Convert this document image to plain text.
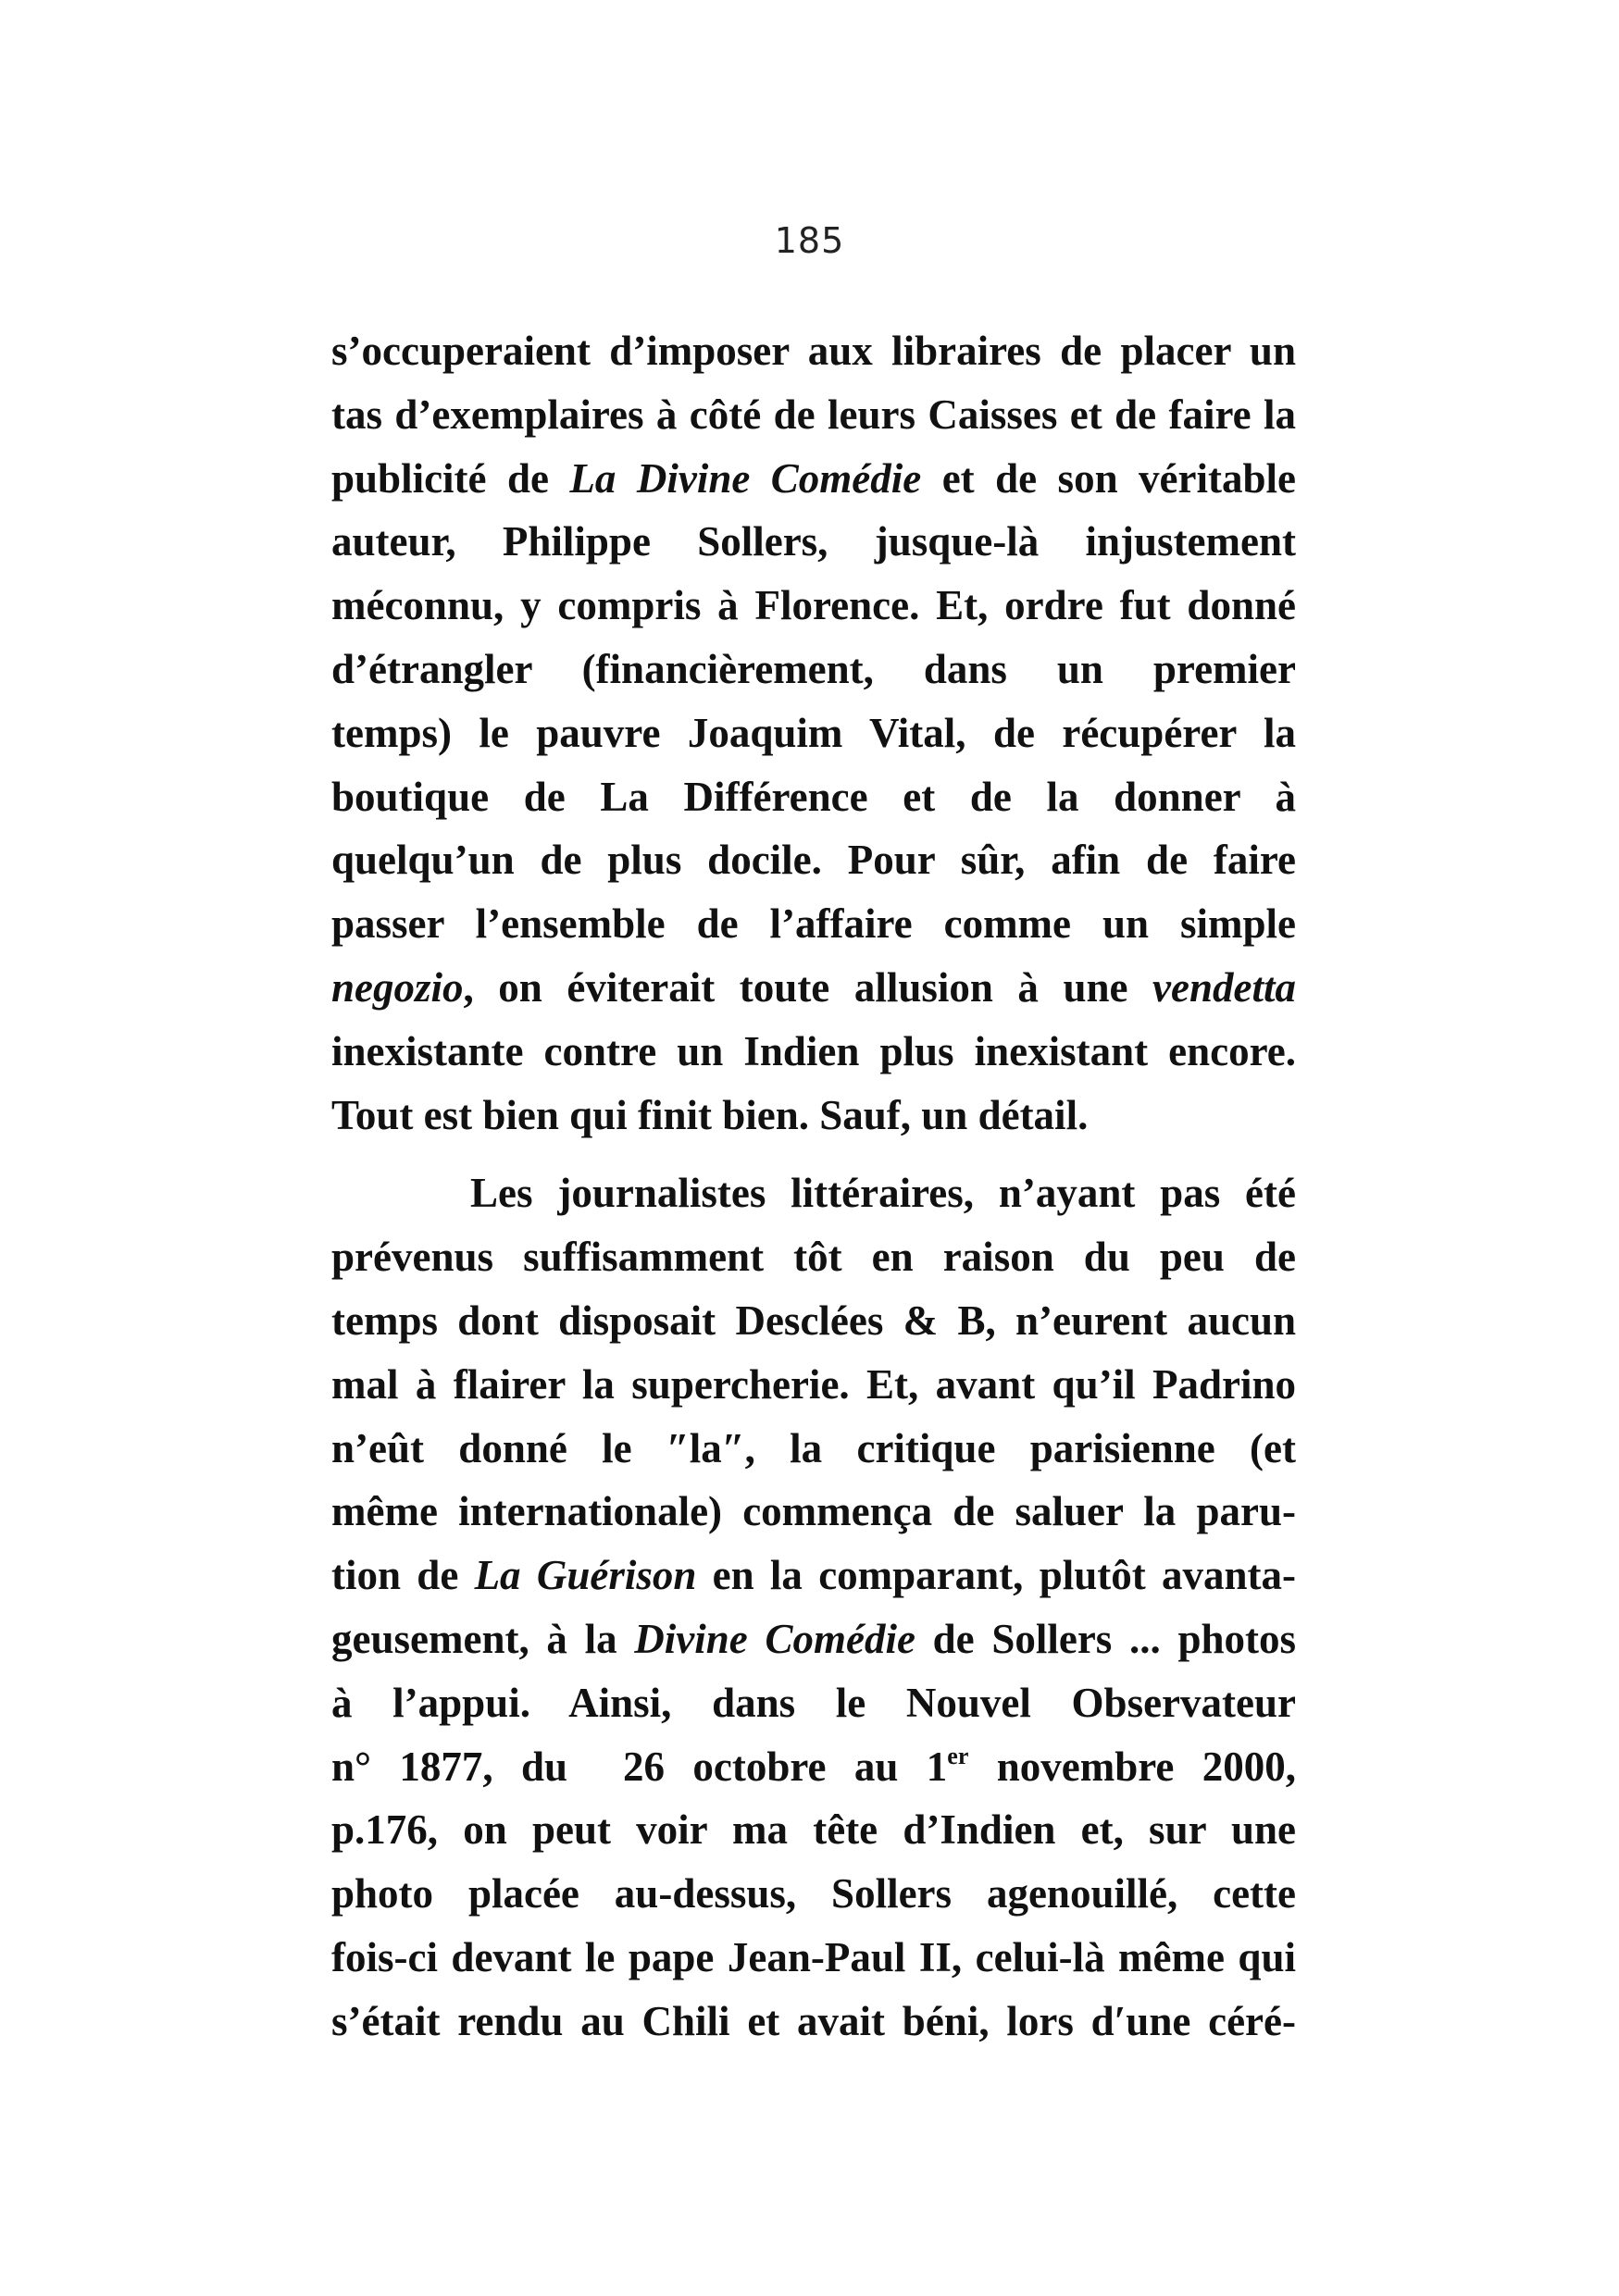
185

s’occuperaient d’imposer aux libraires de placer un
tas d’exemplaires à côté de leurs Caisses et de faire la
publicité de La Divine Comédie et de son véritable
auteur, Philippe Sollers, jusque-là injustement
méconnu, y compris à Florence. Et, ordre fut donné
d’étrangler (financièrement, dans un premier
temps) le pauvre Joaquim Vital, de récupérer la
boutique de La Différence et de la donner à
quelqu’un de plus docile. Pour sûr, afin de faire
passer l’ensemble de l’affaire comme un simple
negozio, on éviterait toute allusion à une vendetta
inexistante contre un Indien plus inexistant encore.
Tout est bien qui finit bien. Sauf, un détail.

Les journalistes littéraires, n’ayant pas été
prévenus suffisamment tôt en raison du peu de
temps dont disposait Desclées & B, n’eurent aucun
mal à flairer la supercherie. Et, avant qu’il Padrino
n’eût donné le ″la″, la critique parisienne (et
même internationale) commença de saluer la paru-
tion de La Guérison en la comparant, plutôt avanta-
geusement, à la Divine Comédie de Sollers ... photos
à l’appui. Ainsi, dans le Nouvel Observateur
n° 1877, du 26 octobre au 1er novembre 2000,
p.176, on peut voir ma tête d’Indien et, sur une
photo placée au-dessus, Sollers agenouillé, cette
fois-ci devant le pape Jean-Paul II, celui-là même qui
s’était rendu au Chili et avait béni, lors d′une céré-
